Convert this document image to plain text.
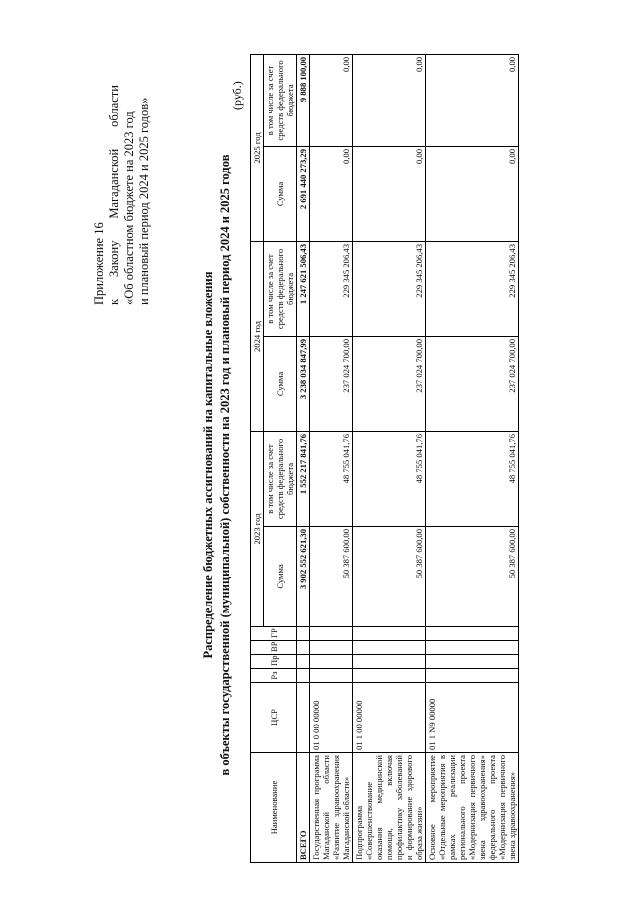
Приложение 16 к
Закону
Магаданской
области
«Об областном бюджете на 2023 год и плановый период 2024 и 2025 годов»
Распределение бюджетных ассигнований на капитальные вложения в объекты государственной (муниципальной) собственности на 2023 год и плановый период 2024 и 2025 годов
(руб.)
Наименование	ЦСР	Рз	Пр	ВР	ГР	2023 год		2024 год		2025 год	
						Сумма	в том числе за счет средств федерального бюджета	Сумма	в том числе за счет средств федерального бюджета	Сумма	в том числе за счет средств федерального бюджета
ВСЕГО						3 902 552 621,30	1 552 217 841,76	3 238 034 847,99	1 247 621 506,43	2 691 440 273,29	9 888 100,00
Государственная программа Магаданской области «Развитие здравоохранения Магаданской области»	01 0 00 00000					50 387 600,00	48 755 041,76	237 024 700,00	229 345 206,43	0,00	0,00
Подпрограмма «Совершенствование оказания медицинской помощи, включая профилактику заболеваний и формирование здорового образа жизни»	01 1 00 00000					50 387 600,00	48 755 041,76	237 024 700,00	229 345 206,43	0,00	0,00
Основное мероприятие «Отдельные мероприятия в рамках реализации регионального проекта «Модернизация первичного звена здравоохранения» федерального проекта «Модернизация первичного звена здравоохранения»	01 1 N9 00000					50 387 600,00	48 755 041,76	237 024 700,00	229 345 206,43	0,00	0,00
